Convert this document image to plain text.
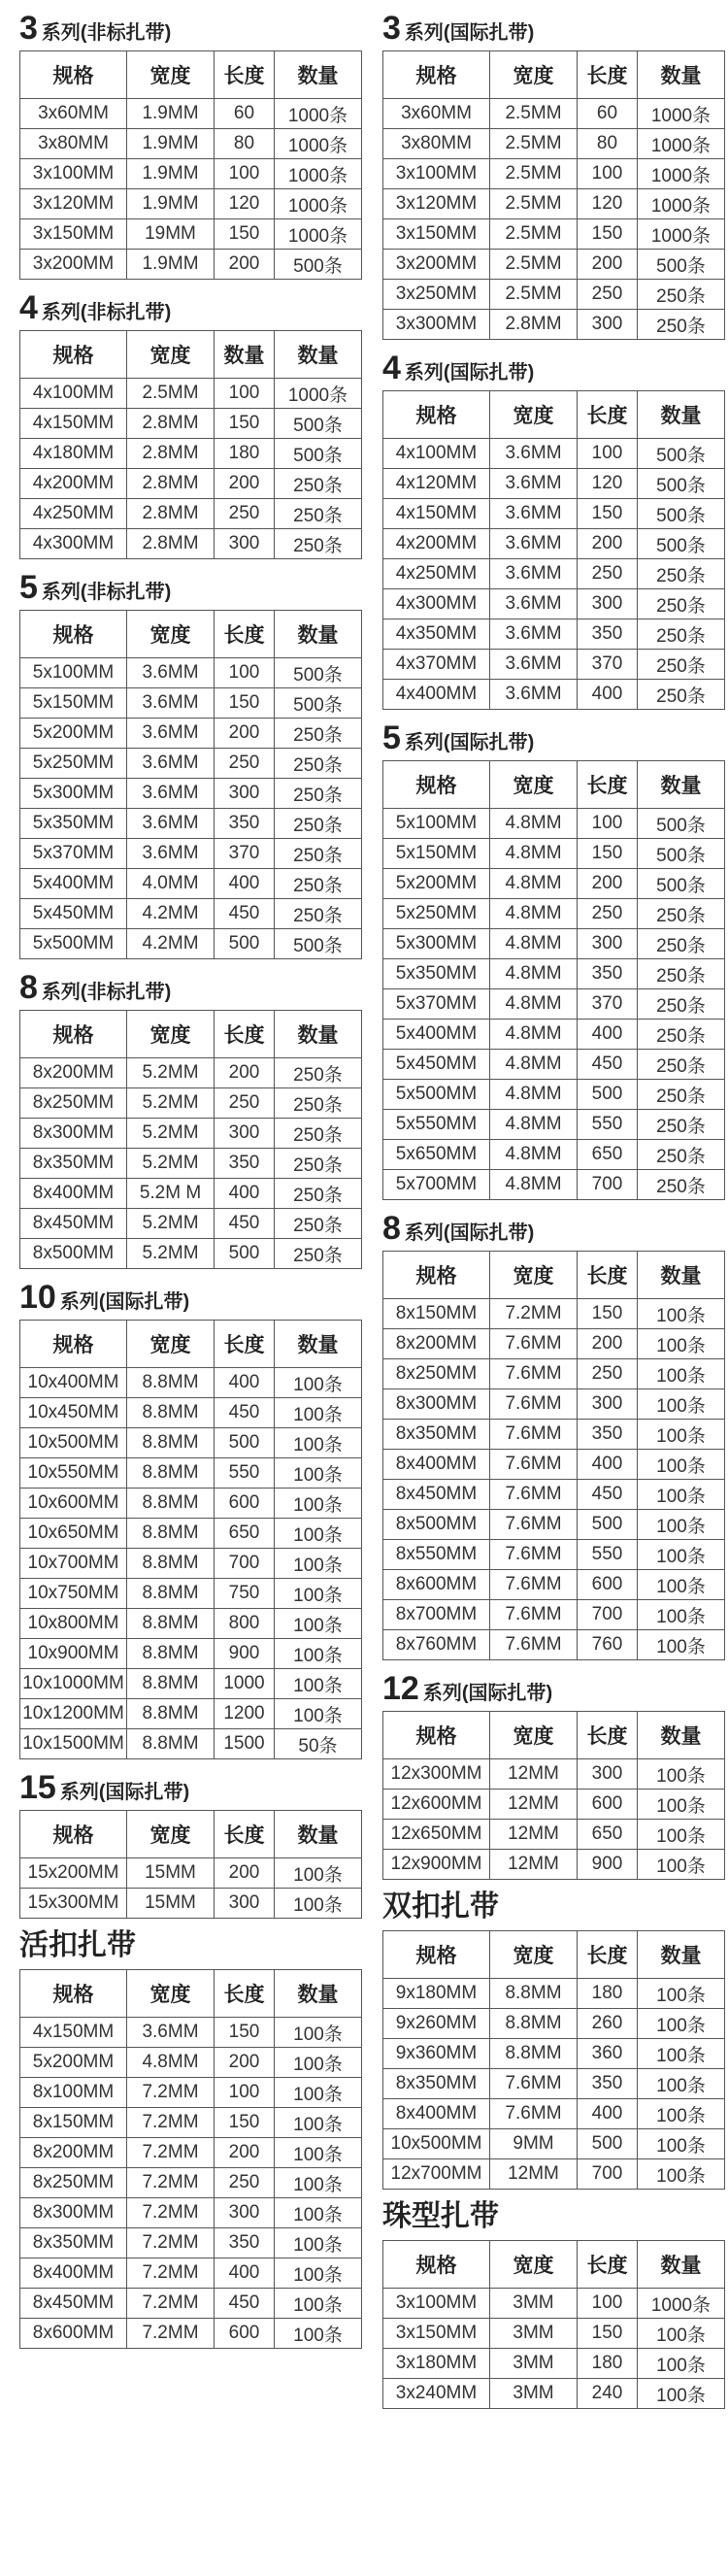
3 系列(非标扎带)
规格	宽度	长度	数量
3x60MM	1.9MM	60	1000条
3x80MM	1.9MM	80	1000条
3x100MM	1.9MM	100	1000条
3x120MM	1.9MM	120	1000条
3x150MM	19MM	150	1000条
3x200MM	1.9MM	200	500条
4 系列(非标扎带)
规格	宽度	数量	数量
4x100MM	2.5MM	100	1000条
4x150MM	2.8MM	150	500条
4x180MM	2.8MM	180	500条
4x200MM	2.8MM	200	250条
4x250MM	2.8MM	250	250条
4x300MM	2.8MM	300	250条
5 系列(非标扎带)
规格	宽度	长度	数量
5x100MM	3.6MM	100	500条
5x150MM	3.6MM	150	500条
5x200MM	3.6MM	200	250条
5x250MM	3.6MM	250	250条
5x300MM	3.6MM	300	250条
5x350MM	3.6MM	350	250条
5x370MM	3.6MM	370	250条
5x400MM	4.0MM	400	250条
5x450MM	4.2MM	450	250条
5x500MM	4.2MM	500	500条
8 系列(非标扎带)
规格	宽度	长度	数量
8x200MM	5.2MM	200	250条
8x250MM	5.2MM	250	250条
8x300MM	5.2MM	300	250条
8x350MM	5.2MM	350	250条
8x400MM	5.2M M	400	250条
8x450MM	5.2MM	450	250条
8x500MM	5.2MM	500	250条
10 系列(国际扎带)
规格	宽度	长度	数量
10x400MM	8.8MM	400	100条
10x450MM	8.8MM	450	100条
10x500MM	8.8MM	500	100条
10x550MM	8.8MM	550	100条
10x600MM	8.8MM	600	100条
10x650MM	8.8MM	650	100条
10x700MM	8.8MM	700	100条
10x750MM	8.8MM	750	100条
10x800MM	8.8MM	800	100条
10x900MM	8.8MM	900	100条
10x1000MM	8.8MM	1000	100条
10x1200MM	8.8MM	1200	100条
10x1500MM	8.8MM	1500	50条
15 系列(国际扎带)
规格	宽度	长度	数量
15x200MM	15MM	200	100条
15x300MM	15MM	300	100条
活扣扎带
规格	宽度	长度	数量
4x150MM	3.6MM	150	100条
5x200MM	4.8MM	200	100条
8x100MM	7.2MM	100	100条
8x150MM	7.2MM	150	100条
8x200MM	7.2MM	200	100条
8x250MM	7.2MM	250	100条
8x300MM	7.2MM	300	100条
8x350MM	7.2MM	350	100条
8x400MM	7.2MM	400	100条
8x450MM	7.2MM	450	100条
8x600MM	7.2MM	600	100条
3 系列(国际扎带)
规格	宽度	长度	数量
3x60MM	2.5MM	60	1000条
3x80MM	2.5MM	80	1000条
3x100MM	2.5MM	100	1000条
3x120MM	2.5MM	120	1000条
3x150MM	2.5MM	150	1000条
3x200MM	2.5MM	200	500条
3x250MM	2.5MM	250	250条
3x300MM	2.8MM	300	250条
4 系列(国际扎带)
规格	宽度	长度	数量
4x100MM	3.6MM	100	500条
4x120MM	3.6MM	120	500条
4x150MM	3.6MM	150	500条
4x200MM	3.6MM	200	500条
4x250MM	3.6MM	250	250条
4x300MM	3.6MM	300	250条
4x350MM	3.6MM	350	250条
4x370MM	3.6MM	370	250条
4x400MM	3.6MM	400	250条
5 系列(国际扎带)
规格	宽度	长度	数量
5x100MM	4.8MM	100	500条
5x150MM	4.8MM	150	500条
5x200MM	4.8MM	200	500条
5x250MM	4.8MM	250	250条
5x300MM	4.8MM	300	250条
5x350MM	4.8MM	350	250条
5x370MM	4.8MM	370	250条
5x400MM	4.8MM	400	250条
5x450MM	4.8MM	450	250条
5x500MM	4.8MM	500	250条
5x550MM	4.8MM	550	250条
5x650MM	4.8MM	650	250条
5x700MM	4.8MM	700	250条
8 系列(国际扎带)
规格	宽度	长度	数量
8x150MM	7.2MM	150	100条
8x200MM	7.6MM	200	100条
8x250MM	7.6MM	250	100条
8x300MM	7.6MM	300	100条
8x350MM	7.6MM	350	100条
8x400MM	7.6MM	400	100条
8x450MM	7.6MM	450	100条
8x500MM	7.6MM	500	100条
8x550MM	7.6MM	550	100条
8x600MM	7.6MM	600	100条
8x700MM	7.6MM	700	100条
8x760MM	7.6MM	760	100条
12 系列(国际扎带)
规格	宽度	长度	数量
12x300MM	12MM	300	100条
12x600MM	12MM	600	100条
12x650MM	12MM	650	100条
12x900MM	12MM	900	100条
双扣扎带
规格	宽度	长度	数量
9x180MM	8.8MM	180	100条
9x260MM	8.8MM	260	100条
9x360MM	8.8MM	360	100条
8x350MM	7.6MM	350	100条
8x400MM	7.6MM	400	100条
10x500MM	9MM	500	100条
12x700MM	12MM	700	100条
珠型扎带
规格	宽度	长度	数量
3x100MM	3MM	100	1000条
3x150MM	3MM	150	100条
3x180MM	3MM	180	100条
3x240MM	3MM	240	100条
